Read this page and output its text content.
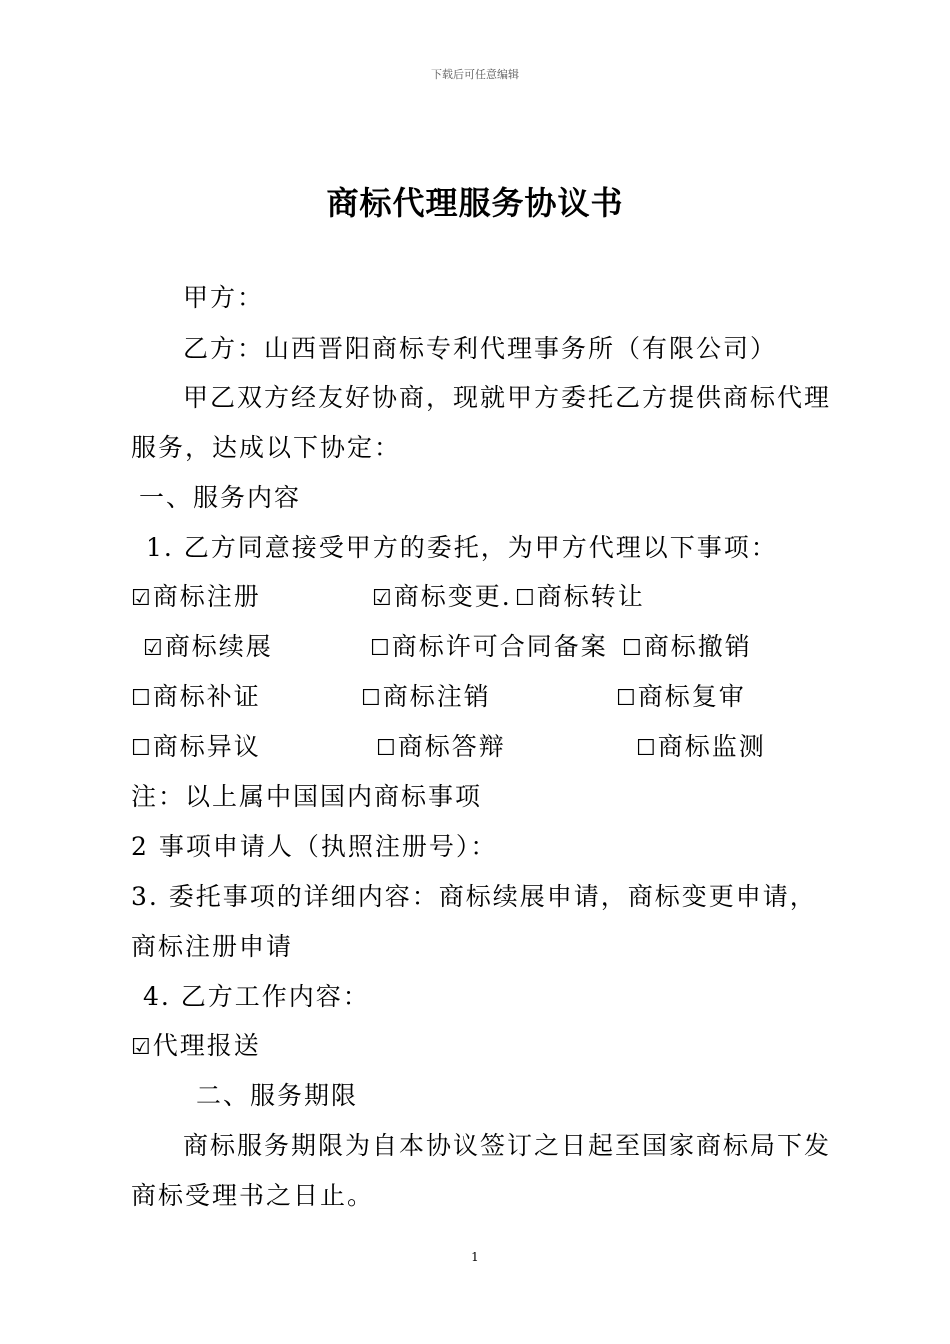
下载后可任意编辑
商标代理服务协议书
甲方：
乙方：山西晋阳商标专利代理事务所（有限公司）
甲乙双方经友好协商，现就甲方委托乙方提供商标代理
服务，达成以下协定：
一、服务内容
1. 乙方同意接受甲方的委托，为甲方代理以下事项：
☑商标注册	☑商标变更. ☐商标转让
☑商标续展	☐商标许可合同备案 ☐商标撤销
☐商标补证	☐商标注销	☐商标复审
☐商标异议	☐商标答辩	☐商标监测
注：以上属中国国内商标事项
2 事项申请人（执照注册号）：
3. 委托事项的详细内容：商标续展申请，商标变更申请，
商标注册申请
4. 乙方工作内容：
☑代理报送
二、服务期限
商标服务期限为自本协议签订之日起至国家商标局下发
商标受理书之日止。
1
